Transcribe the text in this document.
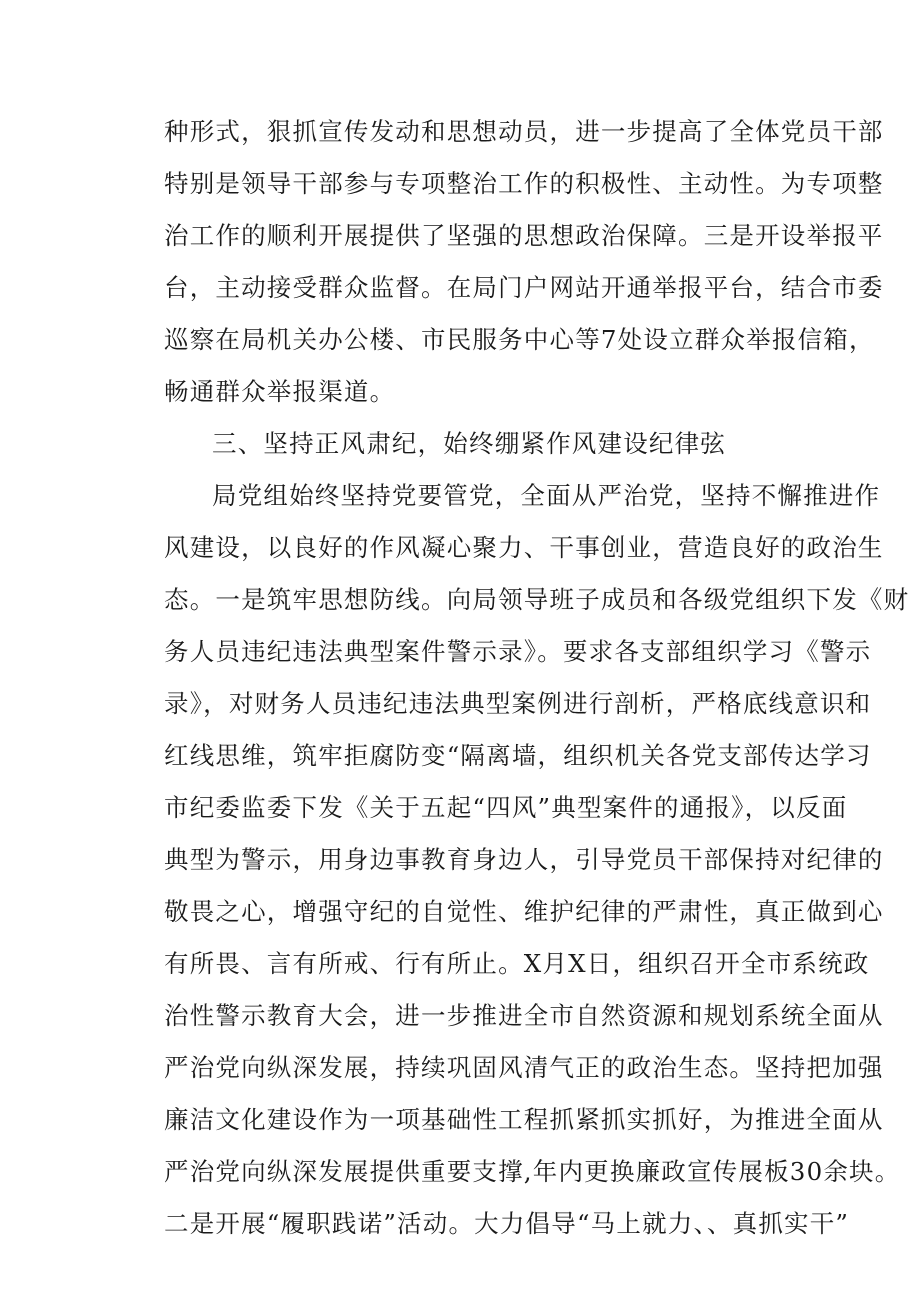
种形式，狠抓宣传发动和思想动员，进一步提高了全体党员干部
特别是领导干部参与专项整治工作的积极性、主动性。为专项整
治工作的顺利开展提供了坚强的思想政治保障。三是开设举报平
台，主动接受群众监督。在局门户网站开通举报平台，结合市委
巡察在局机关办公楼、市民服务中心等7处设立群众举报信箱，
畅通群众举报渠道。
三、坚持正风肃纪，始终绷紧作风建设纪律弦
局党组始终坚持党要管党，全面从严治党，坚持不懈推进作
风建设，以良好的作风凝心聚力、干事创业，营造良好的政治生
态。一是筑牢思想防线。向局领导班子成员和各级党组织下发《财
务人员违纪违法典型案件警示录》。要求各支部组织学习《警示
录》，对财务人员违纪违法典型案例进行剖析，严格底线意识和
红线思维，筑牢拒腐防变“隔离墙，组织机关各党支部传达学习
市纪委监委下发《关于五起“四风”典型案件的通报》，以反面
典型为警示，用身边事教育身边人，引导党员干部保持对纪律的
敬畏之心，增强守纪的自觉性、维护纪律的严肃性，真正做到心
有所畏、言有所戒、行有所止。X月X日，组织召开全市系统政
治性警示教育大会，进一步推进全市自然资源和规划系统全面从
严治党向纵深发展，持续巩固风清气正的政治生态。坚持把加强
廉洁文化建设作为一项基础性工程抓紧抓实抓好，为推进全面从
严治党向纵深发展提供重要支撑,年内更换廉政宣传展板30余块。
二是开展“履职践诺”活动。大力倡导“马上就力、、真抓实干”
